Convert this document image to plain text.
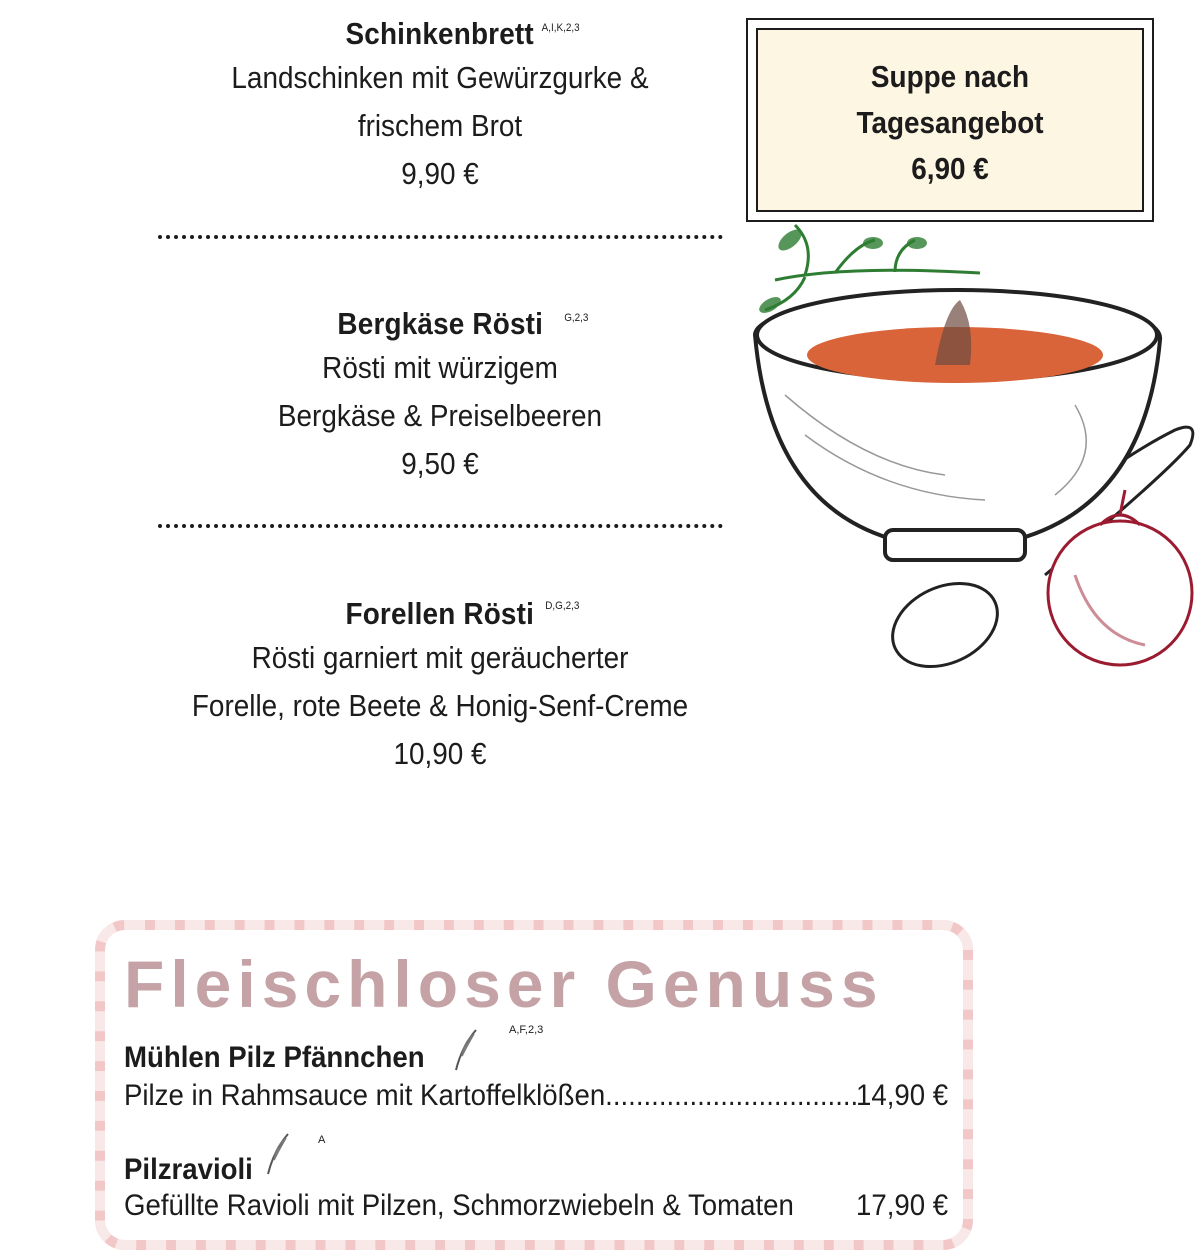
Schinkenbrett A,I,K,2,3
Landschinken mit Gewürzgurke &
frischem Brot
9,90 €
Bergkäse Rösti G,2,3
Rösti mit würzigem
Bergkäse & Preiselbeeren
9,50 €
Forellen Rösti D,G,2,3
Rösti garniert mit geräucherter
Forelle, rote Beete & Honig-Senf-Creme
10,90 €
Suppe nach
Tagesangebot
6,90 €
Fleischloser Genuss
Mühlen Pilz Pfännchen
A,F,2,3
Pilze in Rahmsauce mit Kartoffelklößen.................................
14,90 €
Pilzravioli
A
Gefüllte Ravioli mit Pilzen, Schmorzwiebeln & Tomaten 17,90 €
